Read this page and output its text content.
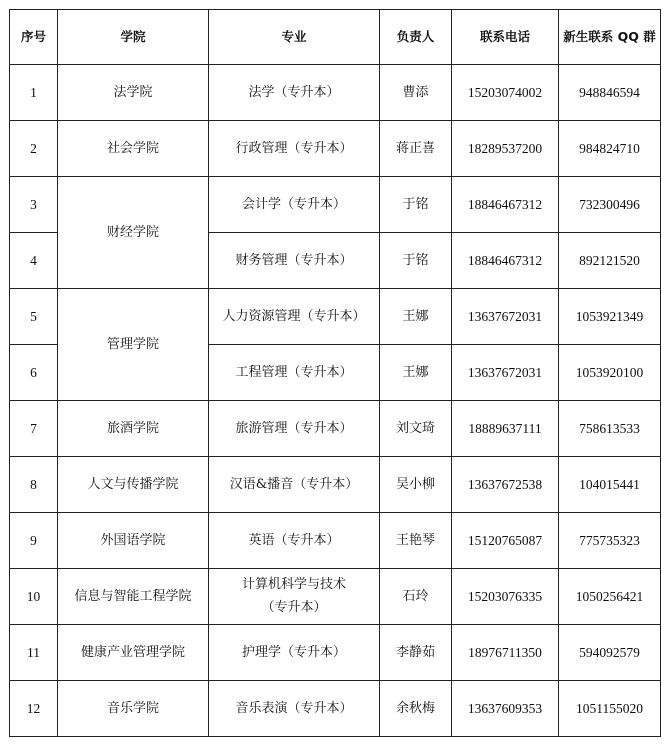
序号	学院	专业	负责人	联系电话	新生联系 QQ 群
1	法学院	法学（专升本）	曹添	15203074002	948846594
2	社会学院	行政管理（专升本）	蒋正喜	18289537200	984824710
3	财经学院	会计学（专升本）	于铭	18846467312	732300496
4		财务管理（专升本）	于铭	18846467312	892121520
5	管理学院	人力资源管理（专升本）	王娜	13637672031	1053921349
6		工程管理（专升本）	王娜	13637672031	1053920100
7	旅酒学院	旅游管理（专升本）	刘文琦	18889637111	758613533
8	人文与传播学院	汉语&播音（专升本）	吴小柳	13637672538	104015441
9	外国语学院	英语（专升本）	王艳琴	15120765087	775735323
10	信息与智能工程学院	计算机科学与技术
（专升本）	石玲	15203076335	1050256421
11	健康产业管理学院	护理学（专升本）	李静茹	18976711350	594092579
12	音乐学院	音乐表演（专升本）	余秋梅	13637609353	1051155020
